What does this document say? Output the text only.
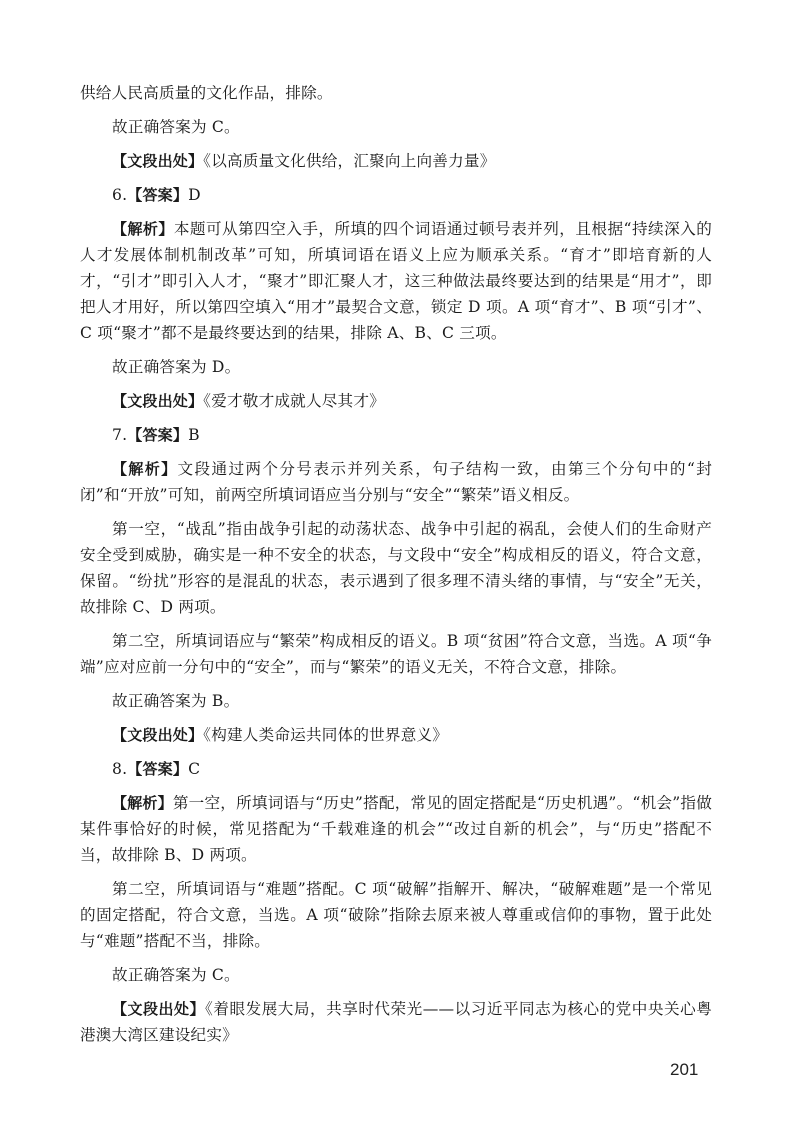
供给人民高质量的文化作品，排除。

故正确答案为 C。

【文段出处】《以高质量文化供给，汇聚向上向善力量》

6.【答案】D

【解析】本题可从第四空入手，所填的四个词语通过顿号表并列，且根据“持续深入的人才发展体制机制改革”可知，所填词语在语义上应为顺承关系。“育才”即培育新的人才，“引才”即引入人才，“聚才”即汇聚人才，这三种做法最终要达到的结果是“用才”，即把人才用好，所以第四空填入“用才”最契合文意，锁定 D 项。A 项“育才”、B 项“引才”、C 项“聚才”都不是最终要达到的结果，排除 A、B、C 三项。

故正确答案为 D。

【文段出处】《爱才敬才成就人尽其才》

7.【答案】B

【解析】文段通过两个分号表示并列关系，句子结构一致，由第三个分句中的“封闭”和“开放”可知，前两空所填词语应当分别与“安全”“繁荣”语义相反。

第一空，“战乱”指由战争引起的动荡状态、战争中引起的祸乱，会使人们的生命财产安全受到威胁，确实是一种不安全的状态，与文段中“安全”构成相反的语义，符合文意，保留。“纷扰”形容的是混乱的状态，表示遇到了很多理不清头绪的事情，与“安全”无关，故排除 C、D 两项。

第二空，所填词语应与“繁荣”构成相反的语义。B 项“贫困”符合文意，当选。A 项“争端”应对应前一分句中的“安全”，而与“繁荣”的语义无关，不符合文意，排除。

故正确答案为 B。

【文段出处】《构建人类命运共同体的世界意义》

8.【答案】C

【解析】第一空，所填词语与“历史”搭配，常见的固定搭配是“历史机遇”。“机会”指做某件事恰好的时候，常见搭配为“千载难逢的机会”“改过自新的机会”，与“历史”搭配不当，故排除 B、D 两项。

第二空，所填词语与“难题”搭配。C 项“破解”指解开、解决，“破解难题”是一个常见的固定搭配，符合文意，当选。A 项“破除”指除去原来被人尊重或信仰的事物，置于此处与“难题”搭配不当，排除。

故正确答案为 C。

【文段出处】《着眼发展大局，共享时代荣光——以习近平同志为核心的党中央关心粤港澳大湾区建设纪实》

201
